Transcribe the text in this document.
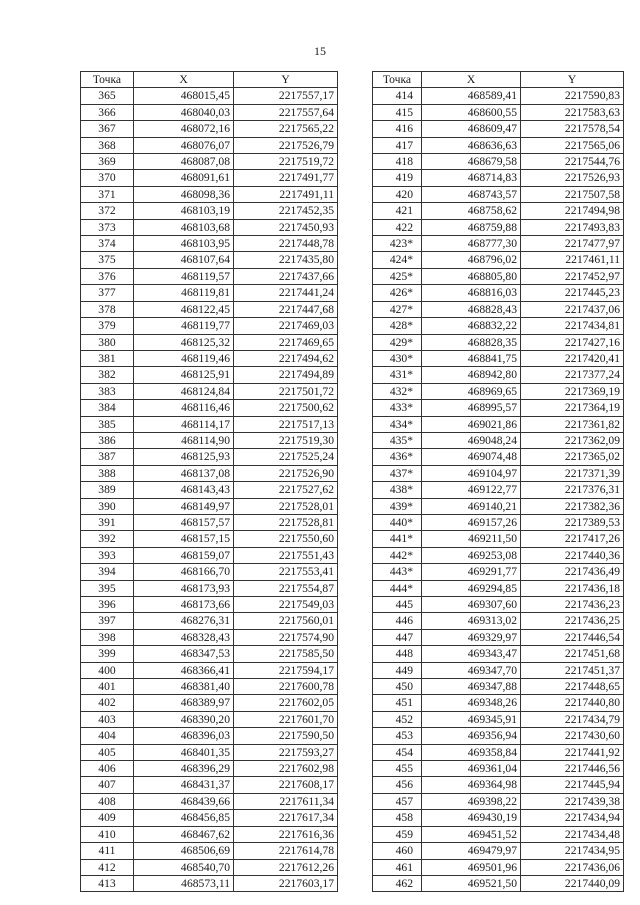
15
Точка	X	Y
365	468015,45	2217557,17
366	468040,03	2217557,64
367	468072,16	2217565,22
368	468076,07	2217526,79
369	468087,08	2217519,72
370	468091,61	2217491,77
371	468098,36	2217491,11
372	468103,19	2217452,35
373	468103,68	2217450,93
374	468103,95	2217448,78
375	468107,64	2217435,80
376	468119,57	2217437,66
377	468119,81	2217441,24
378	468122,45	2217447,68
379	468119,77	2217469,03
380	468125,32	2217469,65
381	468119,46	2217494,62
382	468125,91	2217494,89
383	468124,84	2217501,72
384	468116,46	2217500,62
385	468114,17	2217517,13
386	468114,90	2217519,30
387	468125,93	2217525,24
388	468137,08	2217526,90
389	468143,43	2217527,62
390	468149,97	2217528,01
391	468157,57	2217528,81
392	468157,15	2217550,60
393	468159,07	2217551,43
394	468166,70	2217553,41
395	468173,93	2217554,87
396	468173,66	2217549,03
397	468276,31	2217560,01
398	468328,43	2217574,90
399	468347,53	2217585,50
400	468366,41	2217594,17
401	468381,40	2217600,78
402	468389,97	2217602,05
403	468390,20	2217601,70
404	468396,03	2217590,50
405	468401,35	2217593,27
406	468396,29	2217602,98
407	468431,37	2217608,17
408	468439,66	2217611,34
409	468456,85	2217617,34
410	468467,62	2217616,36
411	468506,69	2217614,78
412	468540,70	2217612,26
413	468573,11	2217603,17
Точка	X	Y
414	468589,41	2217590,83
415	468600,55	2217583,63
416	468609,47	2217578,54
417	468636,63	2217565,06
418	468679,58	2217544,76
419	468714,83	2217526,93
420	468743,57	2217507,58
421	468758,62	2217494,98
422	468759,88	2217493,83
423*	468777,30	2217477,97
424*	468796,02	2217461,11
425*	468805,80	2217452,97
426*	468816,03	2217445,23
427*	468828,43	2217437,06
428*	468832,22	2217434,81
429*	468828,35	2217427,16
430*	468841,75	2217420,41
431*	468942,80	2217377,24
432*	468969,65	2217369,19
433*	468995,57	2217364,19
434*	469021,86	2217361,82
435*	469048,24	2217362,09
436*	469074,48	2217365,02
437*	469104,97	2217371,39
438*	469122,77	2217376,31
439*	469140,21	2217382,36
440*	469157,26	2217389,53
441*	469211,50	2217417,26
442*	469253,08	2217440,36
443*	469291,77	2217436,49
444*	469294,85	2217436,18
445	469307,60	2217436,23
446	469313,02	2217436,25
447	469329,97	2217446,54
448	469343,47	2217451,68
449	469347,70	2217451,37
450	469347,88	2217448,65
451	469348,26	2217440,80
452	469345,91	2217434,79
453	469356,94	2217430,60
454	469358,84	2217441,92
455	469361,04	2217446,56
456	469364,98	2217445,94
457	469398,22	2217439,38
458	469430,19	2217434,94
459	469451,52	2217434,48
460	469479,97	2217434,95
461	469501,96	2217436,06
462	469521,50	2217440,09
